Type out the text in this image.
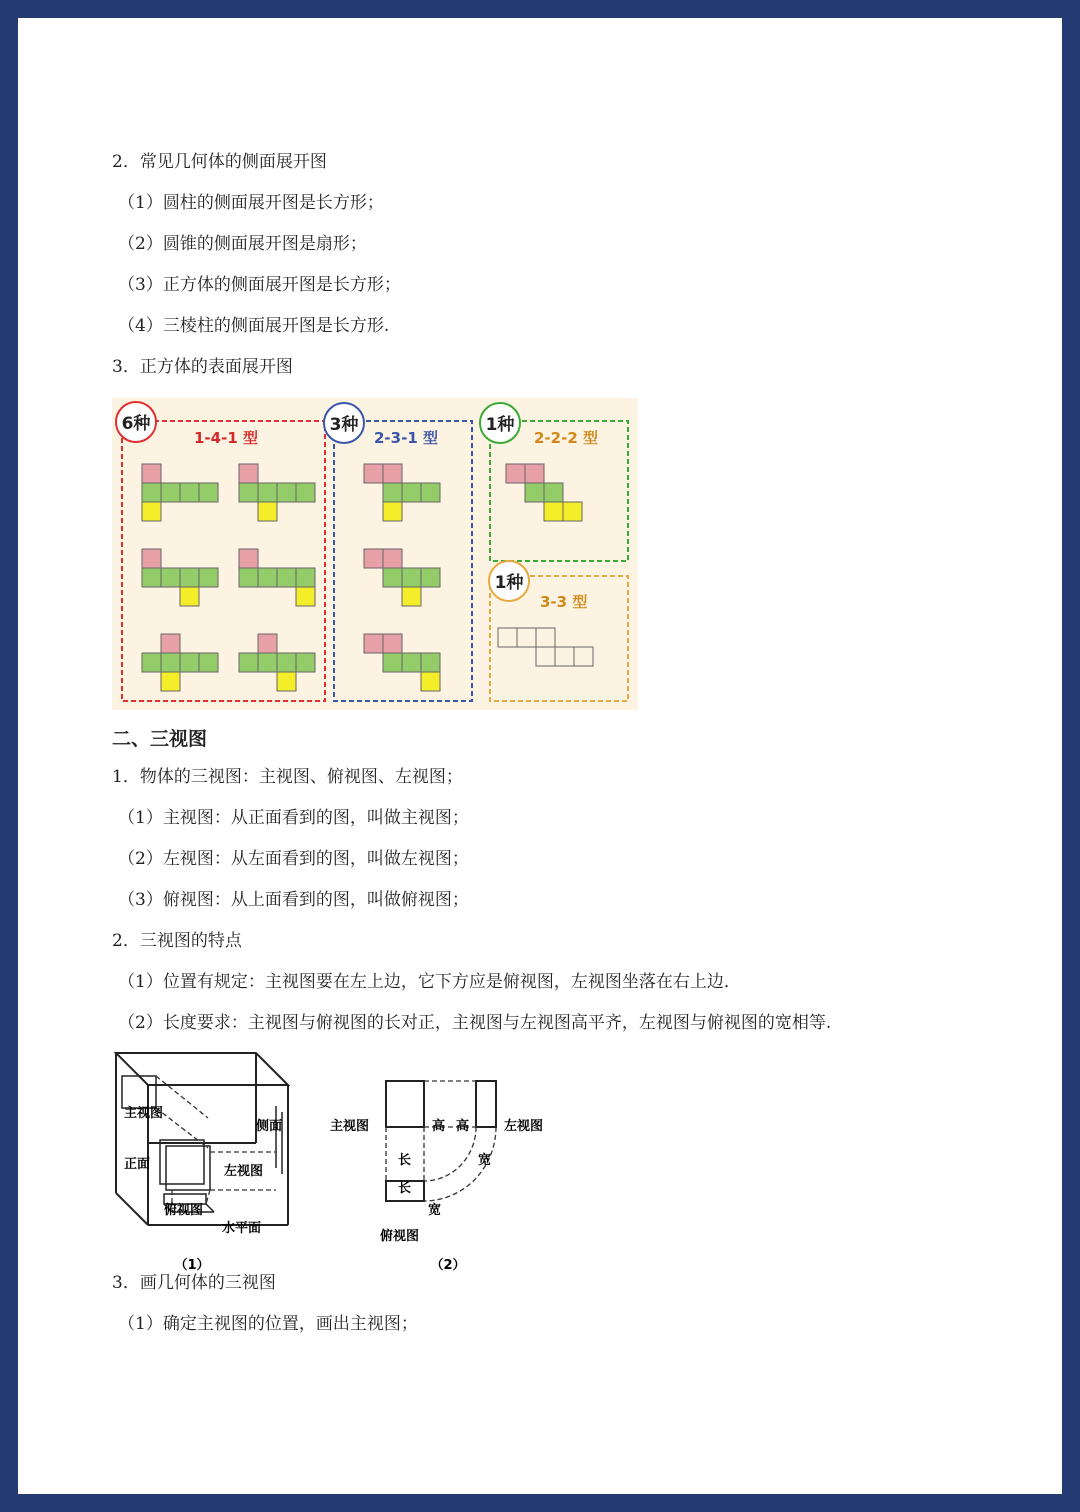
2．常见几何体的侧面展开图
（1）圆柱的侧面展开图是长方形；
（2）圆锥的侧面展开图是扇形；
（3）正方体的侧面展开图是长方形；
（4）三棱柱的侧面展开图是长方形.
3．正方体的表面展开图
6种
1-4-1 型
3种
2-3-1 型
1种
2-2-2 型
1种
3-3 型
二、三视图
1．物体的三视图：主视图、俯视图、左视图；
（1）主视图：从正面看到的图，叫做主视图；
（2）左视图：从左面看到的图，叫做左视图；
（3）俯视图：从上面看到的图，叫做俯视图；
2．三视图的特点
（1）位置有规定：主视图要在左上边，它下方应是俯视图，左视图坐落在右上边．
（2）长度要求：主视图与俯视图的长对正，主视图与左视图高平齐，左视图与俯视图的宽相等.
主视图
侧面
正面	左视图
俯视图
水平面
（1）
主视图	左视图
俯视图
高 高
长
长
宽
宽
（2）
3．画几何体的三视图
（1）确定主视图的位置，画出主视图；
